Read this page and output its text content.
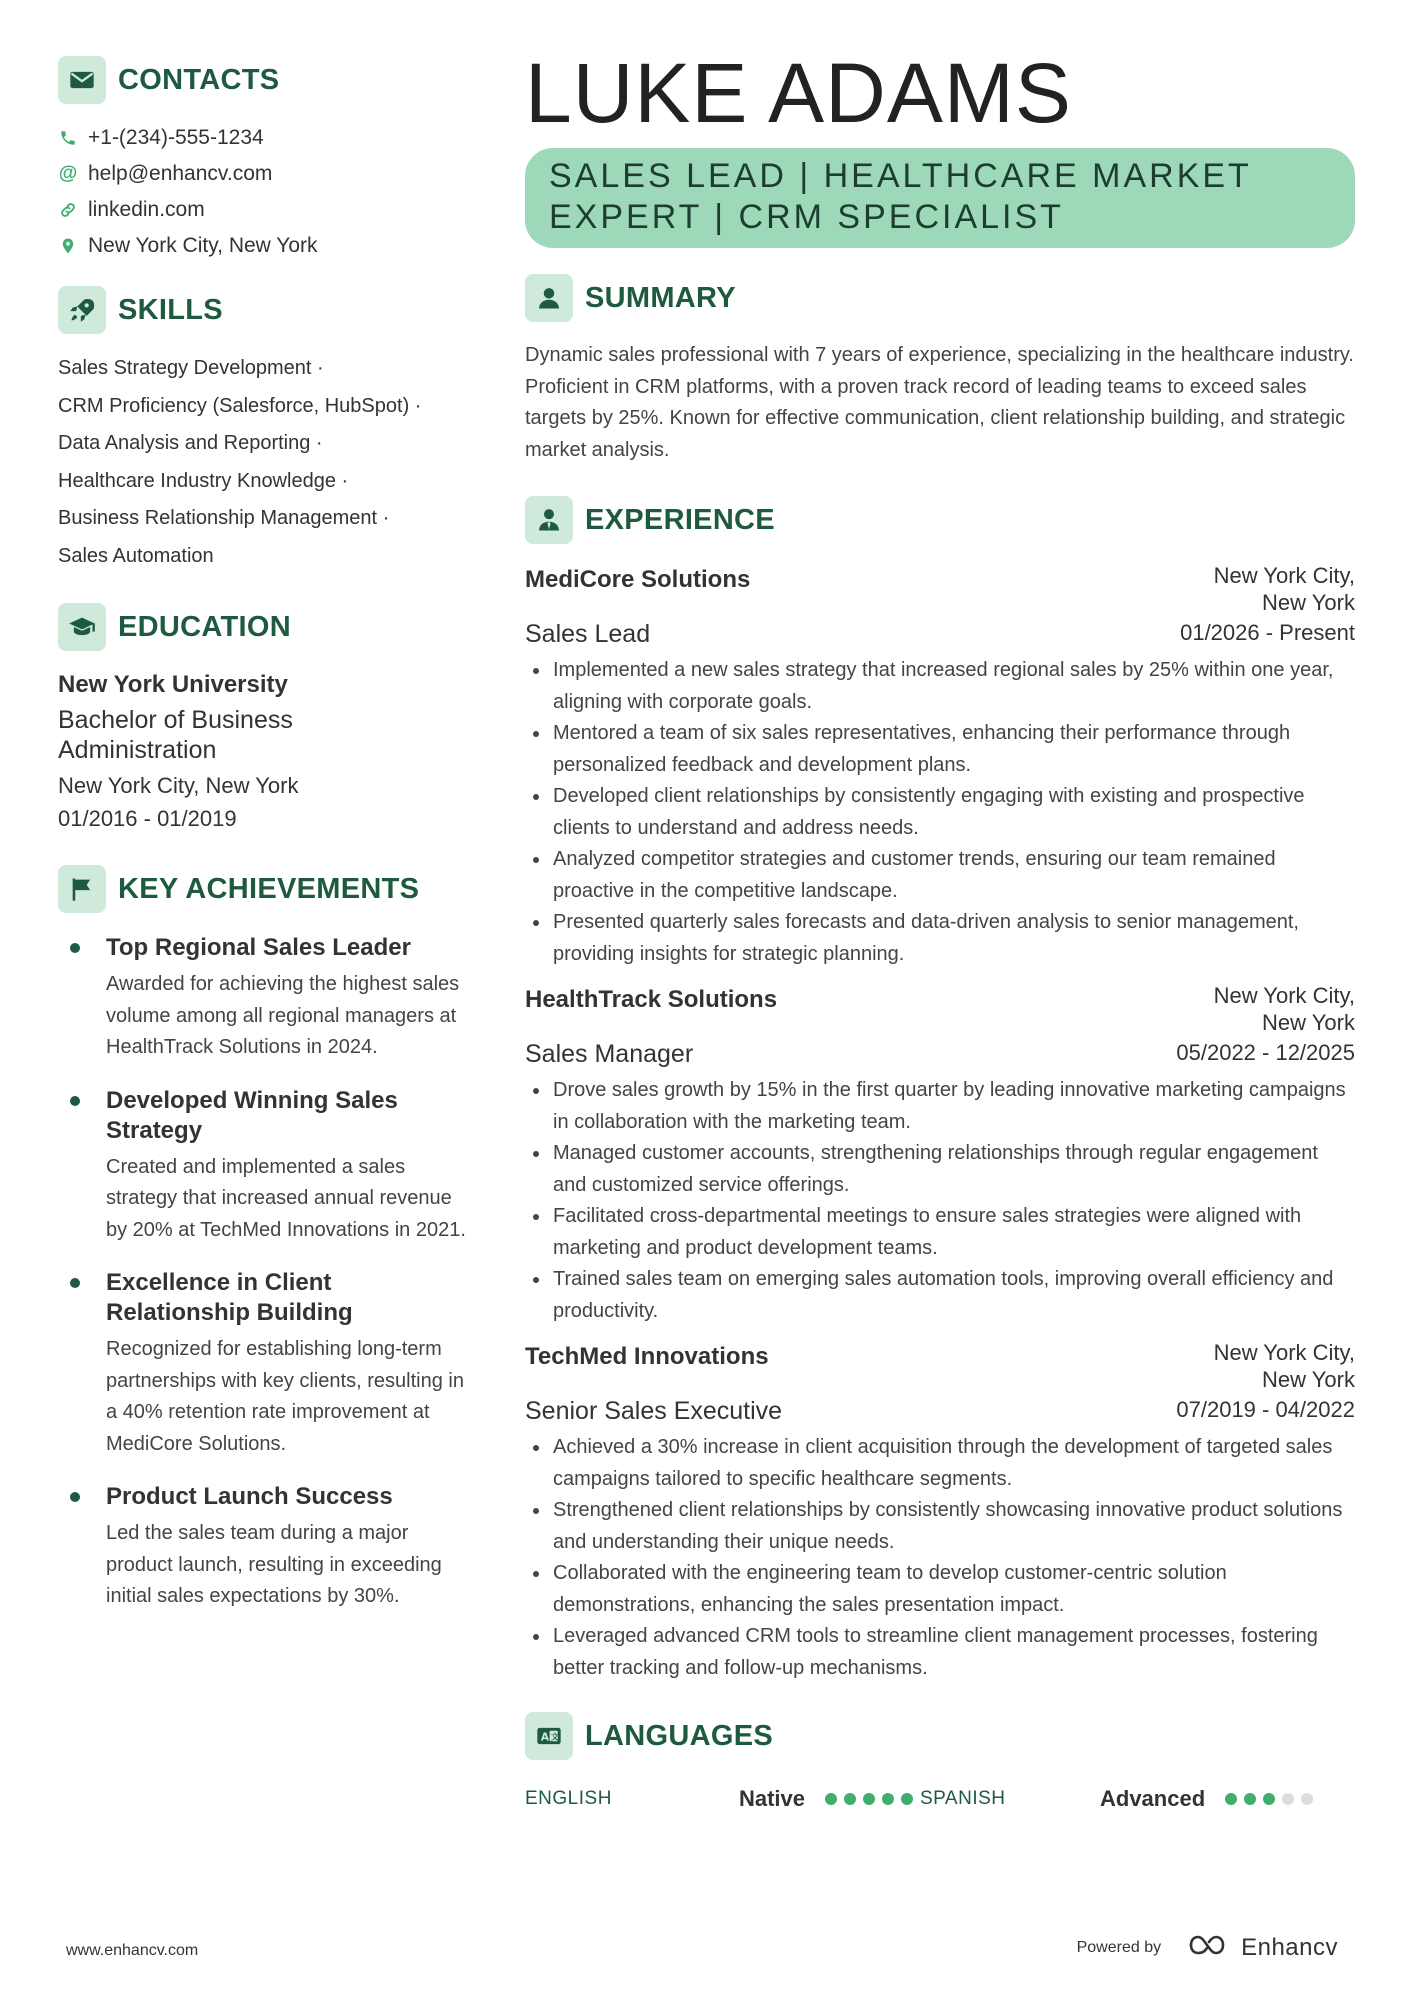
CONTACTS
+1-(234)-555-1234
@ help@enhancv.com
linkedin.com
New York City, New York
SKILLS
Sales Strategy Development ·
CRM Proficiency (Salesforce, HubSpot) ·
Data Analysis and Reporting ·
Healthcare Industry Knowledge ·
Business Relationship Management ·
Sales Automation
EDUCATION
New York University
Bachelor of Business Administration
New York City, New York
01/2016 - 01/2019
KEY ACHIEVEMENTS
Top Regional Sales Leader
Awarded for achieving the highest sales volume among all regional managers at HealthTrack Solutions in 2024.
Developed Winning Sales Strategy
Created and implemented a sales strategy that increased annual revenue by 20% at TechMed Innovations in 2021.
Excellence in Client Relationship Building
Recognized for establishing long-term partnerships with key clients, resulting in a 40% retention rate improvement at MediCore Solutions.
Product Launch Success
Led the sales team during a major product launch, resulting in exceeding initial sales expectations by 30%.
LUKE ADAMS
SALES LEAD | HEALTHCARE MARKET EXPERT | CRM SPECIALIST
SUMMARY
Dynamic sales professional with 7 years of experience, specializing in the healthcare industry. Proficient in CRM platforms, with a proven track record of leading teams to exceed sales targets by 25%. Known for effective communication, client relationship building, and strategic market analysis.
EXPERIENCE
MediCore Solutions	New York City, New York
Sales Lead	01/2026 - Present
Implemented a new sales strategy that increased regional sales by 25% within one year, aligning with corporate goals.
Mentored a team of six sales representatives, enhancing their performance through personalized feedback and development plans.
Developed client relationships by consistently engaging with existing and prospective clients to understand and address needs.
Analyzed competitor strategies and customer trends, ensuring our team remained proactive in the competitive landscape.
Presented quarterly sales forecasts and data-driven analysis to senior management, providing insights for strategic planning.
HealthTrack Solutions	New York City, New York
Sales Manager	05/2022 - 12/2025
Drove sales growth by 15% in the first quarter by leading innovative marketing campaigns in collaboration with the marketing team.
Managed customer accounts, strengthening relationships through regular engagement and customized service offerings.
Facilitated cross-departmental meetings to ensure sales strategies were aligned with marketing and product development teams.
Trained sales team on emerging sales automation tools, improving overall efficiency and productivity.
TechMed Innovations	New York City, New York
Senior Sales Executive	07/2019 - 04/2022
Achieved a 30% increase in client acquisition through the development of targeted sales campaigns tailored to specific healthcare segments.
Strengthened client relationships by consistently showcasing innovative product solutions and understanding their unique needs.
Collaborated with the engineering team to develop customer-centric solution demonstrations, enhancing the sales presentation impact.
Leveraged advanced CRM tools to streamline client management processes, fostering better tracking and follow-up mechanisms.
A 文 LANGUAGES
ENGLISH	Native	SPANISH	Advanced
www.enhancv.com	Powered by	Enhancv
